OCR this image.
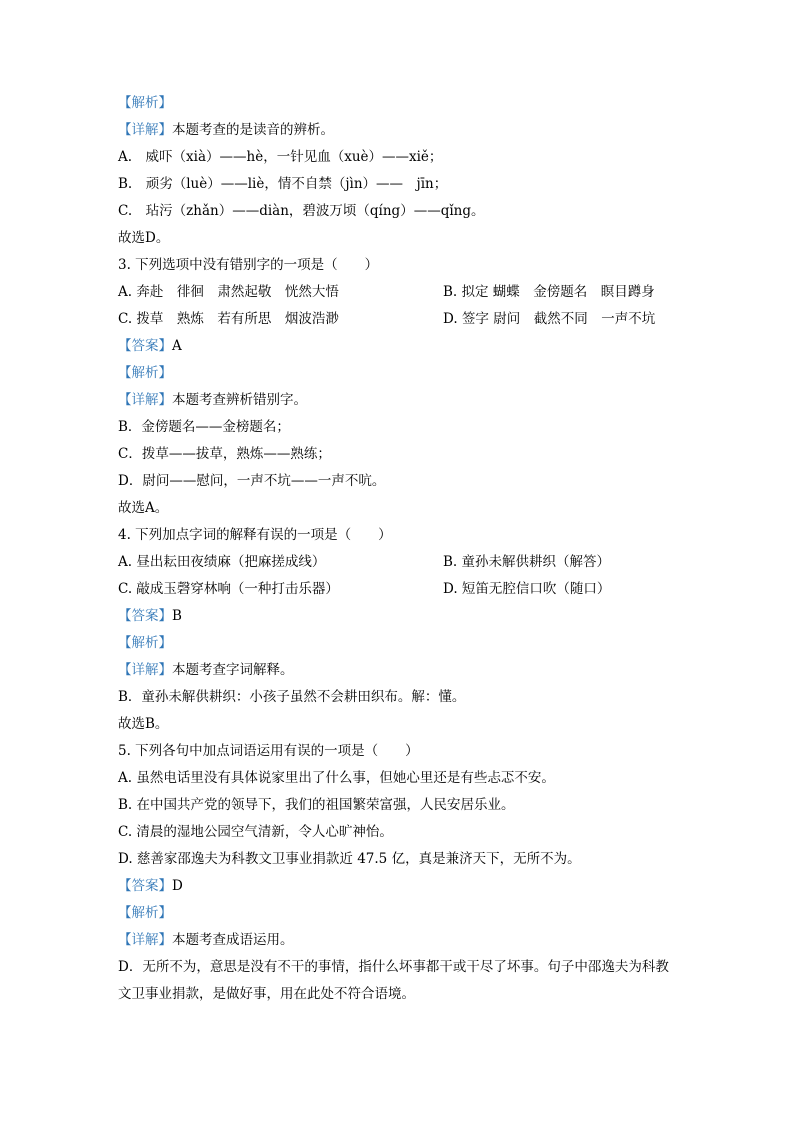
【解析】
【详解】本题考查的是读音的辨析。
A.　威吓（xià）——hè，一针见血（xuè）——xiě；
B.　顽劣（luè）——liè，情不自禁（jìn）——　jīn；
C.　玷污（zhǎn）——diàn，碧波万顷（qíng）——qǐng。
故选D。
3. 下列选项中没有错别字的一项是（　　）
A. 奔赴　徘徊　肃然起敬　恍然大悟	B. 拟定 蝴蝶　金傍题名　瞑目蹲身
C. 拨草　熟炼　若有所思　烟波浩渺	D. 签字 尉问　截然不同　一声不坑
【答案】A
【解析】
【详解】本题考查辨析错别字。
B．金傍题名——金榜题名；
C．拨草——拔草，熟炼——熟练；
D．尉问——慰问，一声不坑——一声不吭。
故选A。
4. 下列加点字词的解释有误的一项是（　　）
A. 昼出耘田夜绩麻（把麻搓成线）	B. 童孙未解供耕织（解答）
C. 敲成玉磬穿林响（一种打击乐器）	D. 短笛无腔信口吹（随口）
【答案】B
【解析】
【详解】本题考查字词解释。
B．童孙未解供耕织：小孩子虽然不会耕田织布。解：懂。
故选B。
5. 下列各句中加点词语运用有误的一项是（　　）
A. 虽然电话里没有具体说家里出了什么事，但她心里还是有些忐忑不安。
B. 在中国共产党的领导下，我们的祖国繁荣富强，人民安居乐业。
C. 清晨的湿地公园空气清新，令人心旷神怡。
D. 慈善家邵逸夫为科教文卫事业捐款近 47.5 亿，真是兼济天下，无所不为。
【答案】D
【解析】
【详解】本题考查成语运用。
D．无所不为，意思是没有不干的事情，指什么坏事都干或干尽了坏事。句子中邵逸夫为科教文卫事业捐款，是做好事，用在此处不符合语境。
